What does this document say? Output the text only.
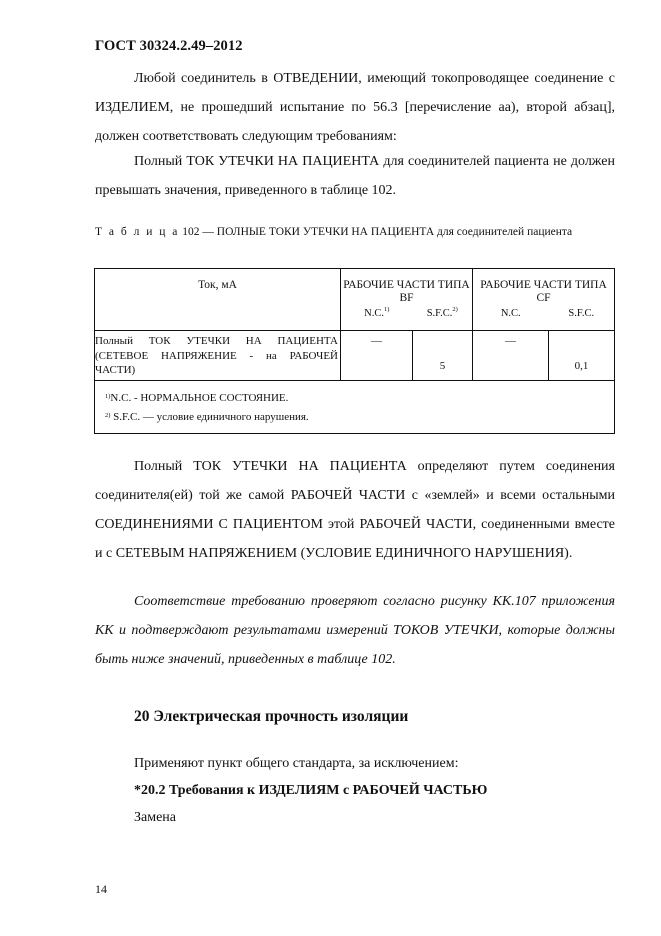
ГОСТ 30324.2.49–2012
Любой соединитель в ОТВЕДЕНИИ, имеющий токопроводящее соединение с ИЗДЕЛИЕМ, не прошедший испытание по 56.3 [перечисление аа), второй абзац], должен соответствовать следующим требованиям:
Полный ТОК УТЕЧКИ НА ПАЦИЕНТА для соединителей пациента не должен превышать значения, приведенного в таблице 102.
Т а б л и ц а 102 — ПОЛНЫЕ ТОКИ УТЕЧКИ НА ПАЦИЕНТА для соединителей пациента
Ток, мА	РАБОЧИЕ ЧАСТИ ТИПА BF		РАБОЧИЕ ЧАСТИ ТИПА CF	
	N.C.$^{1)}$	S.F.C.$^{2)}$	N.C.	S.F.C.
Полный ТОК УТЕЧКИ НА ПАЦИЕНТА (СЕТЕВОЕ НАПРЯЖЕНИЕ - на РАБОЧЕЙ ЧАСТИ)	—	5	—	0,1

$^{1)}$N.C. - НОРМАЛЬНОЕ СОСТОЯНИЕ.
$^{2)}$ S.F.C. — условие единичного нарушения.				
Полный ТОК УТЕЧКИ НА ПАЦИЕНТА определяют путем соединения соединителя(ей) той же самой РАБОЧЕЙ ЧАСТИ с «землей» и всеми остальными СОЕДИНЕНИЯМИ С ПАЦИЕНТОМ этой РАБОЧЕЙ ЧАСТИ, соединенными вместе и с СЕТЕВЫМ НАПРЯЖЕНИЕМ (УСЛОВИЕ ЕДИНИЧНОГО НАРУШЕНИЯ).
Соответствие требованию проверяют согласно рисунку КК.107 приложения КК и подтверждают результатами измерений ТОКОВ УТЕЧКИ, которые должны быть ниже значений, приведенных в таблице 102.
20 Электрическая прочность изоляции
Применяют пункт общего стандарта, за исключением:
*20.2 Требования к ИЗДЕЛИЯМ с РАБОЧЕЙ ЧАСТЬЮ
Замена
14
